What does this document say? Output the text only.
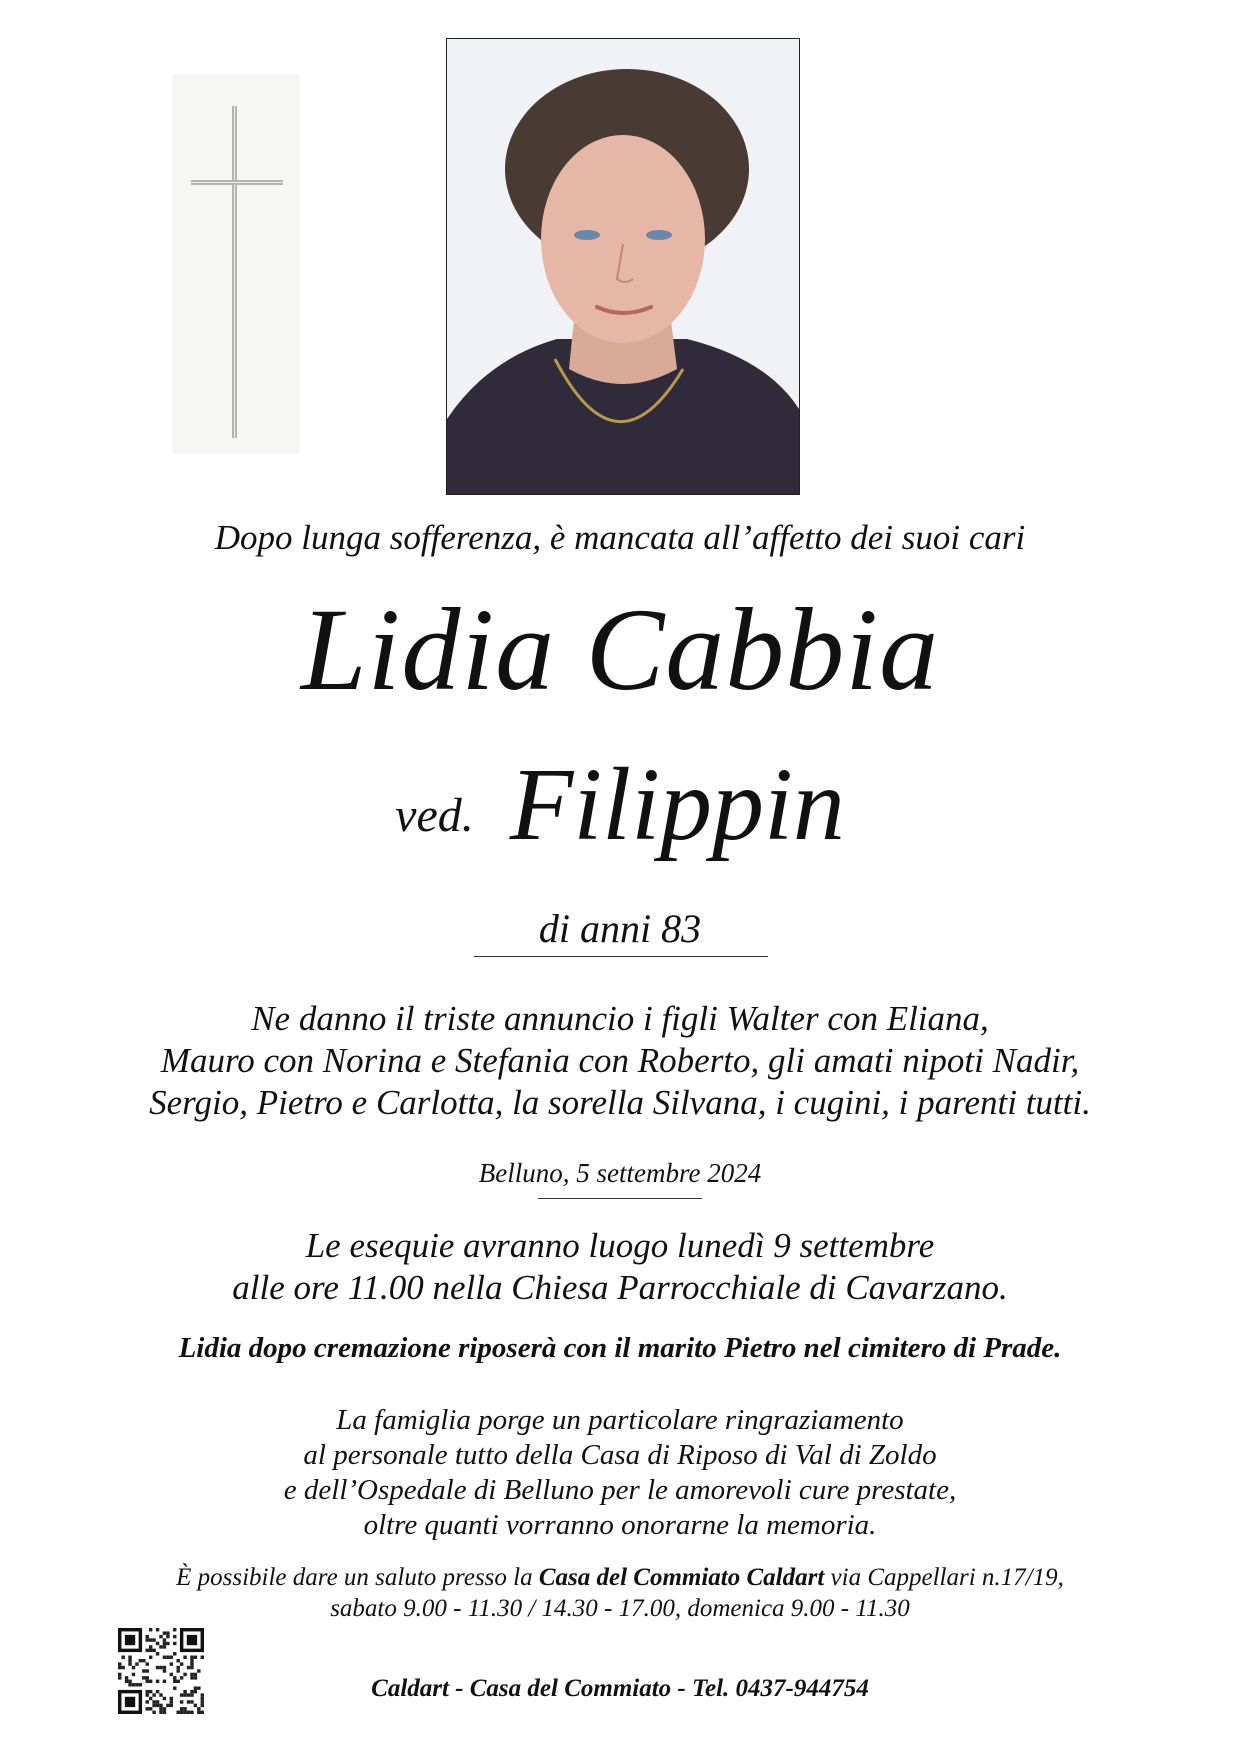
Dopo lunga sofferenza, è mancata all’affetto dei suoi cari
Lidia Cabbia
ved. Filippin
di anni 83
Ne danno il triste annuncio i figli Walter con Eliana,
Mauro con Norina e Stefania con Roberto, gli amati nipoti Nadir,
Sergio, Pietro e Carlotta, la sorella Silvana, i cugini, i parenti tutti.
Belluno, 5 settembre 2024
Le esequie avranno luogo lunedì 9 settembre
alle ore 11.00 nella Chiesa Parrocchiale di Cavarzano.
Lidia dopo cremazione riposerà con il marito Pietro nel cimitero di Prade.
La famiglia porge un particolare ringraziamento
al personale tutto della Casa di Riposo di Val di Zoldo
e dell’Ospedale di Belluno per le amorevoli cure prestate,
oltre quanti vorranno onorarne la memoria.
È possibile dare un saluto presso la Casa del Commiato Caldart via Cappellari n.17/19,
sabato 9.00 - 11.30 / 14.30 - 17.00, domenica 9.00 - 11.30
Caldart - Casa del Commiato - Tel. 0437-944754
